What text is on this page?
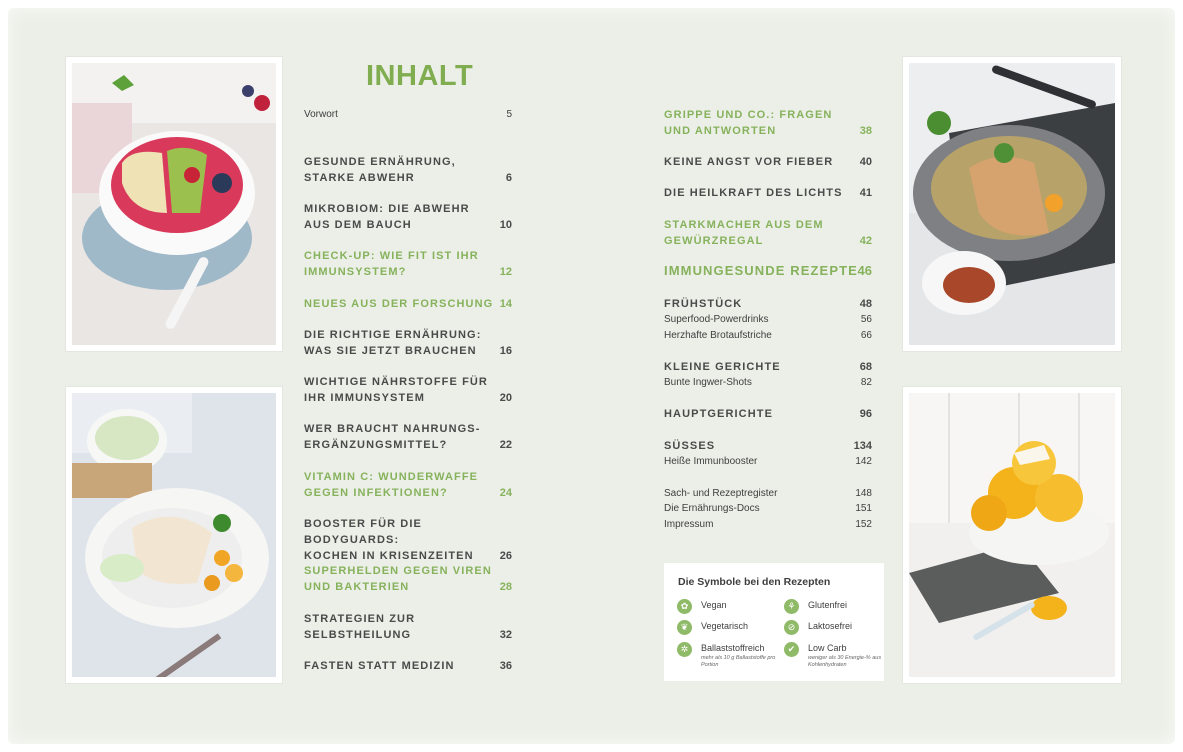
INHALT
Vorwort	5
GESUNDE ERNÄHRUNG,
STARKE ABWEHR	6
MIKROBIOM: DIE ABWEHR
AUS DEM BAUCH	10
CHECK-UP: WIE FIT IST IHR
IMMUNSYSTEM?	12
NEUES AUS DER FORSCHUNG 14
DIE RICHTIGE ERNÄHRUNG:
WAS SIE JETZT BRAUCHEN	16
WICHTIGE NÄHRSTOFFE FÜR
IHR IMMUNSYSTEM	20
WER BRAUCHT NAHRUNGS-
ERGÄNZUNGSMITTEL?	22
VITAMIN C: WUNDERWAFFE
GEGEN INFEKTIONEN?	24
BOOSTER FÜR DIE BODYGUARDS:
KOCHEN IN KRISENZEITEN	26
SUPERHELDEN GEGEN VIREN
UND BAKTERIEN	28
STRATEGIEN ZUR
SELBSTHEILUNG	32
FASTEN STATT MEDIZIN	36
GRIPPE UND CO.: FRAGEN
UND ANTWORTEN	38
KEINE ANGST VOR FIEBER	40
DIE HEILKRAFT DES LICHTS	41
STARKMACHER AUS DEM
GEWÜRZREGAL	42
IMMUNGESUNDE REZEPTE 46
FRÜHSTÜCK	48
Superfood-Powerdrinks	56
Herzhafte Brotaufstriche	66
KLEINE GERICHTE	68
Bunte Ingwer-Shots	82
HAUPTGERICHTE	96
SÜSSES	134
Heiße Immunbooster	142
Sach- und Rezeptregister	148
Die Ernährungs-Docs	151
Impressum	152
Die Symbole bei den Rezepten
✿	Vegan	⚘	Glutenfrei
❦	Vegetarisch	⊘	Laktosefrei
✲	Ballaststoffreich
mehr als 10 g Ballaststoffe pro Portion
✔	Low Carb
weniger als 30 Energie-% aus Kohlenhydraten
